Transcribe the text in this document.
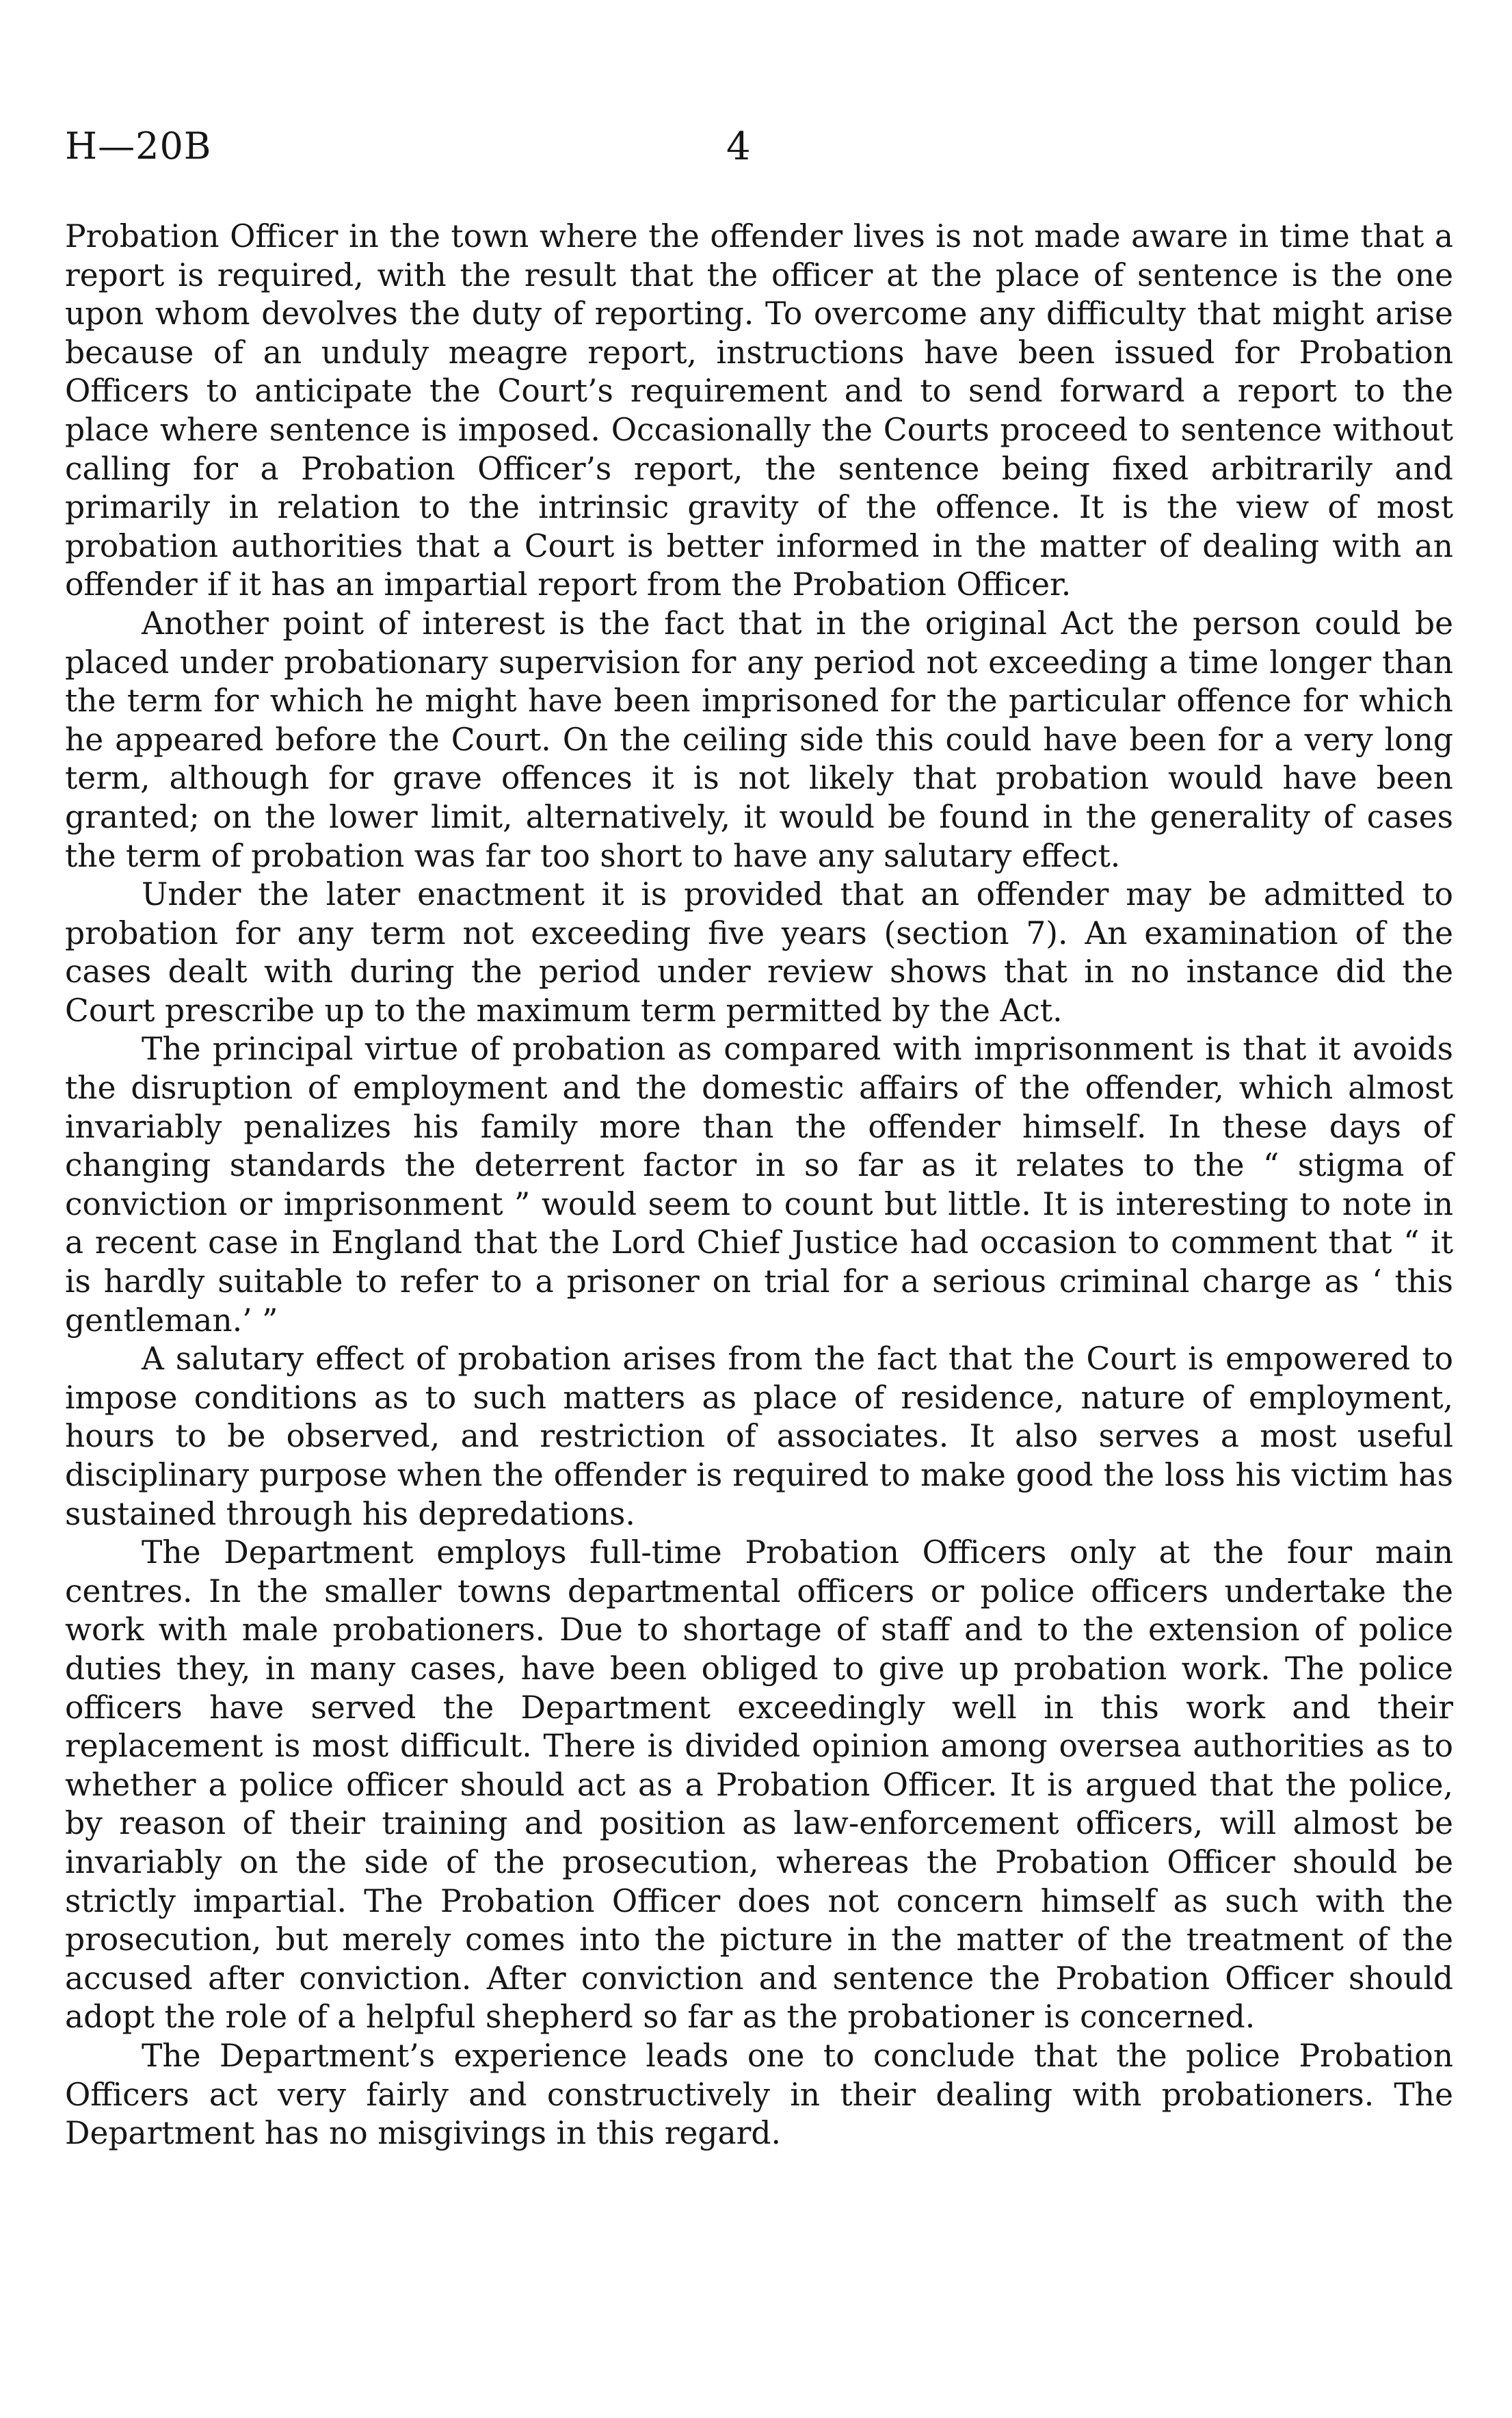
H—20B	4

Probation Officer in the town where the offender lives is not made aware in time that a report is required, with the result that the officer at the place of sentence is the one upon whom devolves the duty of reporting. To overcome any difficulty that might arise because of an unduly meagre report, instructions have been issued for Probation Officers to anticipate the Court’s requirement and to send forward a report to the place where sentence is imposed. Occasionally the Courts proceed to sentence without calling for a Probation Officer’s report, the sentence being fixed arbitrarily and primarily in relation to the intrinsic gravity of the offence. It is the view of most probation authorities that a Court is better informed in the matter of dealing with an offender if it has an impartial report from the Probation Officer.

Another point of interest is the fact that in the original Act the person could be placed under probationary supervision for any period not exceeding a time longer than the term for which he might have been imprisoned for the particular offence for which he appeared before the Court. On the ceiling side this could have been for a very long term, although for grave offences it is not likely that probation would have been granted; on the lower limit, alternatively, it would be found in the generality of cases the term of probation was far too short to have any salutary effect.

Under the later enactment it is provided that an offender may be admitted to probation for any term not exceeding five years (section 7). An examination of the cases dealt with during the period under review shows that in no instance did the Court prescribe up to the maximum term permitted by the Act.

The principal virtue of probation as compared with imprisonment is that it avoids the disruption of employment and the domestic affairs of the offender, which almost invariably penalizes his family more than the offender himself. In these days of changing standards the deterrent factor in so far as it relates to the “ stigma of conviction or imprisonment ” would seem to count but little. It is interesting to note in a recent case in England that the Lord Chief Justice had occasion to comment that “ it is hardly suitable to refer to a prisoner on trial for a serious criminal charge as ‘ this gentleman.’ ”

A salutary effect of probation arises from the fact that the Court is empowered to impose conditions as to such matters as place of residence, nature of employment, hours to be observed, and restriction of associates. It also serves a most useful disciplinary purpose when the offender is required to make good the loss his victim has sustained through his depredations.

The Department employs full-time Probation Officers only at the four main centres. In the smaller towns departmental officers or police officers undertake the work with male probationers. Due to shortage of staff and to the extension of police duties they, in many cases, have been obliged to give up probation work. The police officers have served the Department exceedingly well in this work and their replacement is most difficult. There is divided opinion among oversea authorities as to whether a police officer should act as a Probation Officer. It is argued that the police, by reason of their training and position as law-enforcement officers, will almost be invariably on the side of the prosecution, whereas the Probation Officer should be strictly impartial. The Probation Officer does not concern himself as such with the prosecution, but merely comes into the picture in the matter of the treatment of the accused after conviction. After conviction and sentence the Probation Officer should adopt the role of a helpful shepherd so far as the probationer is concerned.

The Department’s experience leads one to conclude that the police Probation Officers act very fairly and constructively in their dealing with probationers. The Department has no misgivings in this regard.
